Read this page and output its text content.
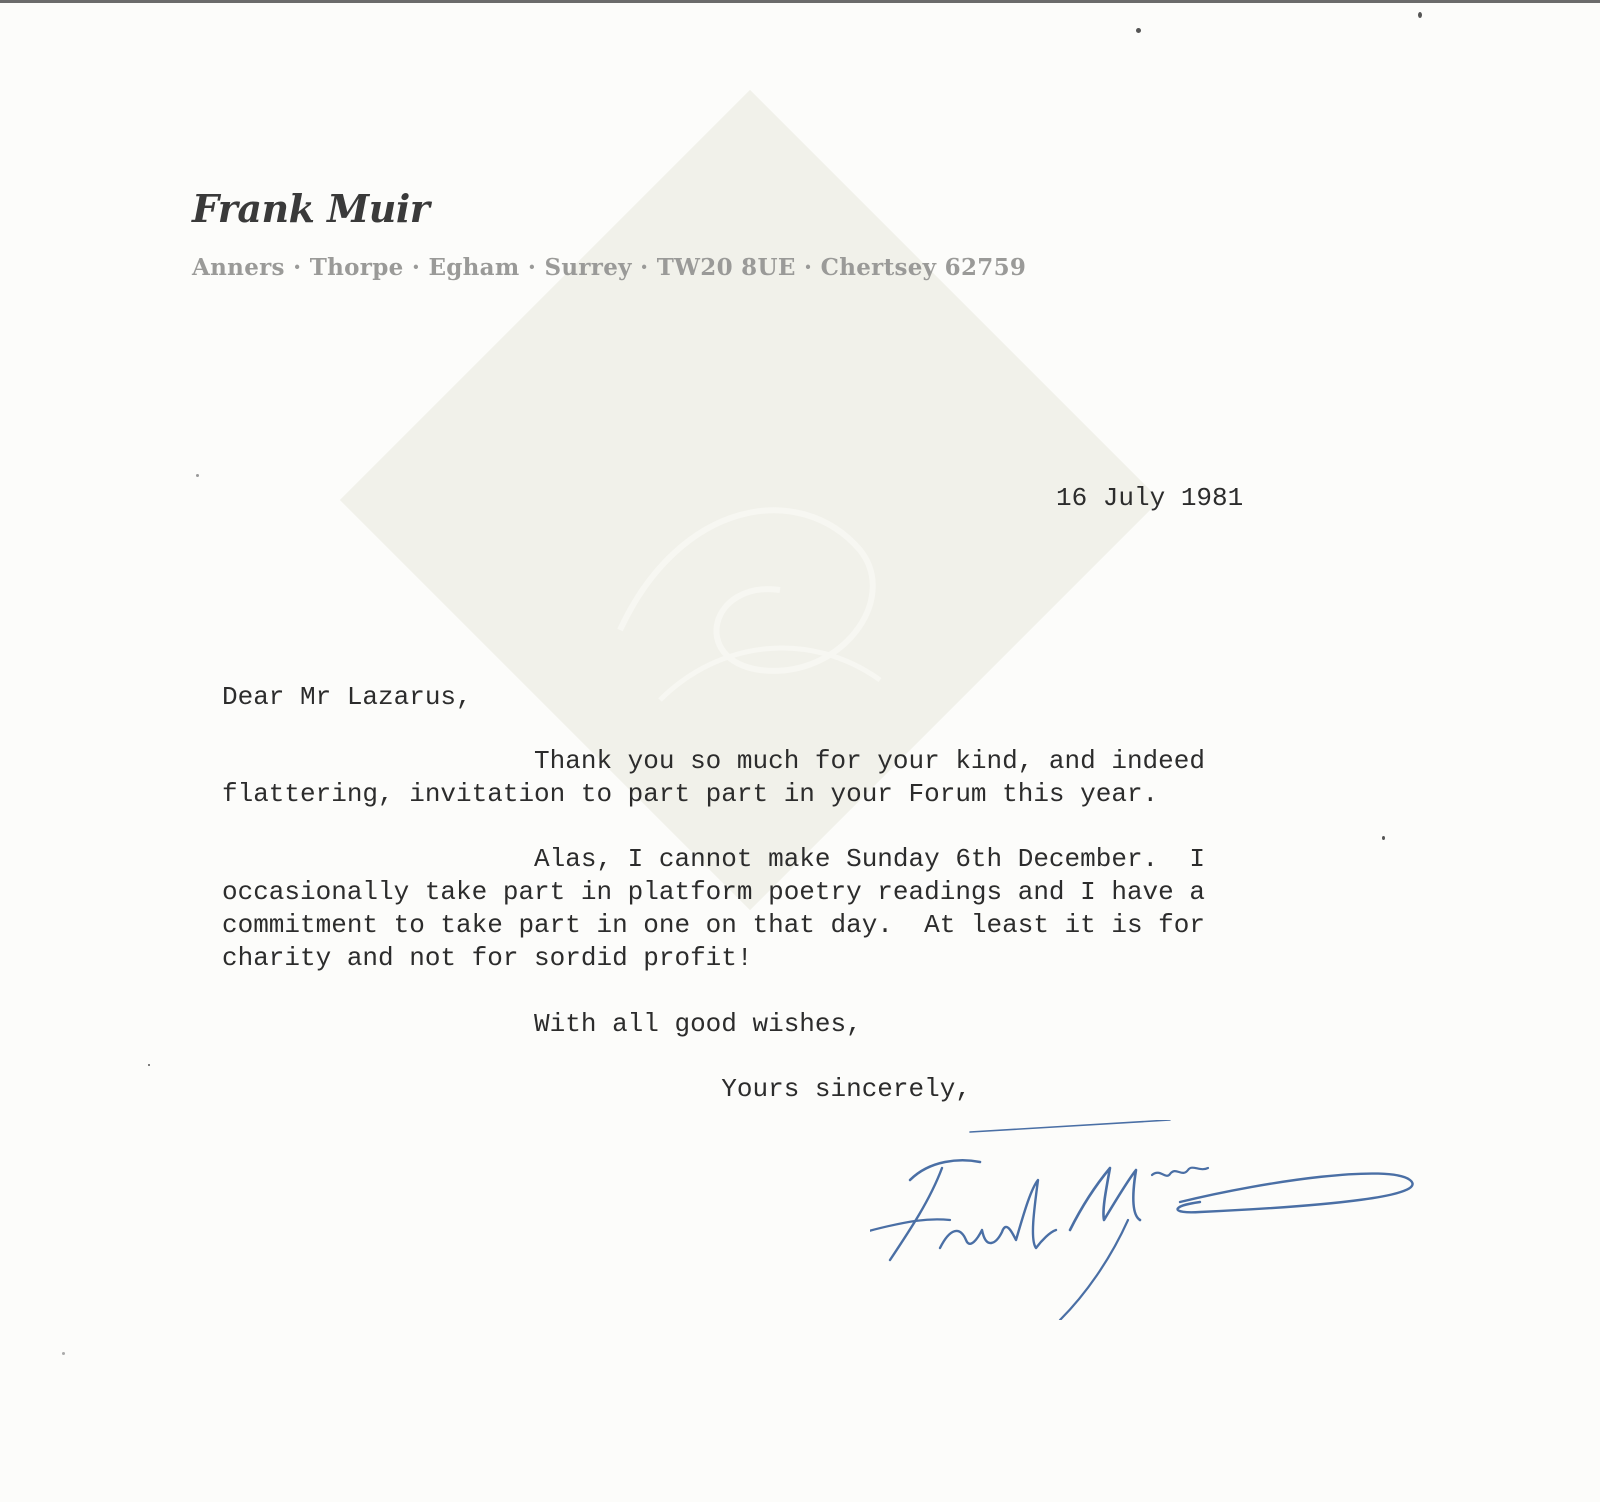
Frank Muir
Anners · Thorpe · Egham · Surrey · TW20 8UE · Chertsey 62759
16 July 1981
Dear Mr Lazarus,
Thank you so much for your kind, and indeed
flattering, invitation to part part in your Forum this year.
Alas, I cannot make Sunday 6th December.  I
occasionally take part in platform poetry readings and I have a
commitment to take part in one on that day.  At least it is for
charity and not for sordid profit!
With all good wishes,
Yours sincerely,
